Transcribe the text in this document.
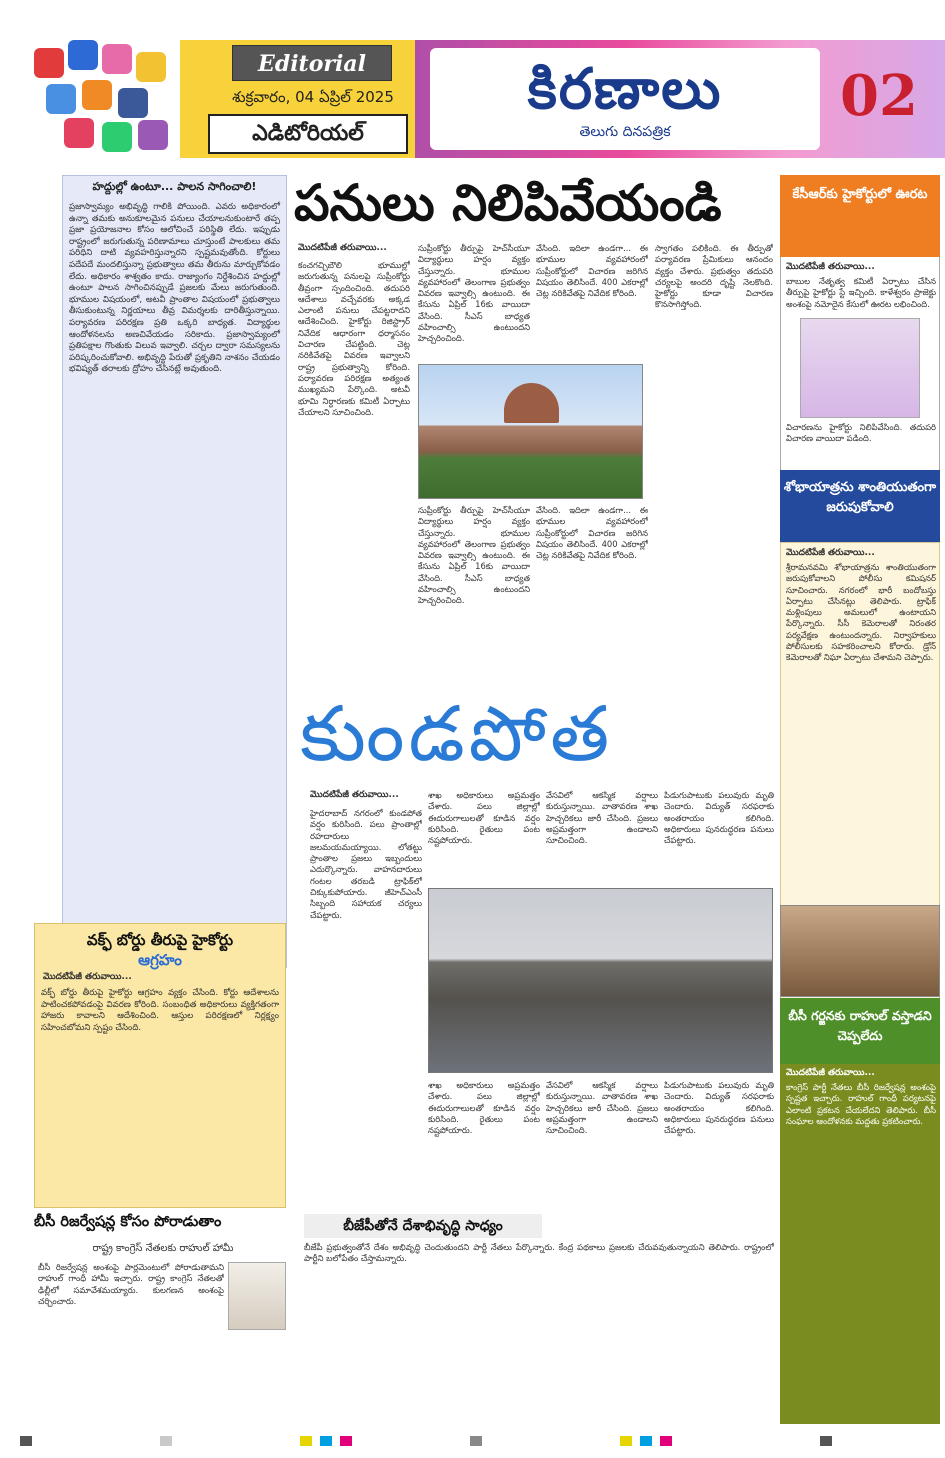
Editorial
శుక్రవారం, 04 ఏప్రిల్ 2025
ఎడిటోరియల్
కిరణాలు
తెలుగు దినపత్రిక
02
హద్దుల్లో ఉంటూ... పాలన సాగించాలి!
ప్రజాస్వామ్యం అభివృద్ధి గాలికి పోయింది. ఎవరు అధికారంలో ఉన్నా తమకు అనుకూలమైన పనులు చేయాలనుకుంటారే తప్ప ప్రజా ప్రయోజనాల కోసం ఆలోచించే పరిస్థితి లేదు. ఇప్పుడు రాష్ట్రంలో జరుగుతున్న పరిణామాలు చూస్తుంటే పాలకులు తమ పరిధిని దాటి వ్యవహరిస్తున్నారని స్పష్టమవుతోంది. కోర్టులు పదేపదే మందలిస్తున్నా ప్రభుత్వాలు తమ తీరును మార్చుకోవడం లేదు. అధికారం శాశ్వతం కాదు. రాజ్యాంగం నిర్దేశించిన హద్దుల్లో ఉంటూ పాలన సాగించినప్పుడే ప్రజలకు మేలు జరుగుతుంది. భూముల విషయంలో, అటవీ ప్రాంతాల విషయంలో ప్రభుత్వాలు తీసుకుంటున్న నిర్ణయాలు తీవ్ర విమర్శలకు దారితీస్తున్నాయి. పర్యావరణ పరిరక్షణ ప్రతి ఒక్కరి బాధ్యత. విద్యార్థుల ఆందోళనలను అణచివేయడం సరికాదు. ప్రజాస్వామ్యంలో ప్రతిపక్షాల గొంతుకు విలువ ఇవ్వాలి. చర్చల ద్వారా సమస్యలను పరిష్కరించుకోవాలి. అభివృద్ధి పేరుతో ప్రకృతిని నాశనం చేయడం భవిష్యత్ తరాలకు ద్రోహం చేసినట్లే అవుతుంది.
పనులు నిలిపివేయండి
మొదటిపేజీ తరువాయి...
కంచగచ్చిబౌలి భూముల్లో జరుగుతున్న పనులపై సుప్రీంకోర్టు తీవ్రంగా స్పందించింది. తదుపరి ఆదేశాలు వచ్చేవరకు అక్కడ ఎలాంటి పనులు చేపట్టరాదని ఆదేశించింది. హైకోర్టు రిజిస్ట్రార్ నివేదిక ఆధారంగా ధర్మాసనం విచారణ చేపట్టింది. చెట్ల నరికివేతపై వివరణ ఇవ్వాలని రాష్ట్ర ప్రభుత్వాన్ని కోరింది. పర్యావరణ పరిరక్షణ అత్యంత ముఖ్యమని పేర్కొంది. అటవీ భూమి నిర్ధారణకు కమిటీ ఏర్పాటు చేయాలని సూచించింది.
సుప్రీంకోర్టు తీర్పుపై హెచ్‌సీయూ విద్యార్థులు హర్షం వ్యక్తం చేస్తున్నారు. భూముల వ్యవహారంలో తెలంగాణ ప్రభుత్వం వివరణ ఇవ్వాల్సి ఉంటుంది. ఈ కేసును ఏప్రిల్ 16కు వాయిదా వేసింది. సీఎస్ బాధ్యత వహించాల్సి ఉంటుందని హెచ్చరించింది.
వేసింది. ఇదిలా ఉండగా... ఈ భూముల వ్యవహారంలో సుప్రీంకోర్టులో విచారణ జరిగిన విషయం తెలిసిందే. 400 ఎకరాల్లో చెట్ల నరికివేతపై నివేదిక కోరింది.
స్వాగతం పలికింది. ఈ తీర్పుతో పర్యావరణ ప్రేమికులు ఆనందం వ్యక్తం చేశారు. ప్రభుత్వం తదుపరి చర్యలపై అందరి దృష్టి నెలకొంది. హైకోర్టు కూడా విచారణ కొనసాగిస్తోంది.
సుప్రీంకోర్టు తీర్పుపై హెచ్‌సీయూ విద్యార్థులు హర్షం వ్యక్తం చేస్తున్నారు. భూముల వ్యవహారంలో తెలంగాణ ప్రభుత్వం వివరణ ఇవ్వాల్సి ఉంటుంది. ఈ కేసును ఏప్రిల్ 16కు వాయిదా వేసింది. సీఎస్ బాధ్యత వహించాల్సి ఉంటుందని హెచ్చరించింది.
వేసింది. ఇదిలా ఉండగా... ఈ భూముల వ్యవహారంలో సుప్రీంకోర్టులో విచారణ జరిగిన విషయం తెలిసిందే. 400 ఎకరాల్లో చెట్ల నరికివేతపై నివేదిక కోరింది.
కుండపోత
మొదటిపేజీ తరువాయి...
హైదరాబాద్ నగరంలో కుండపోత వర్షం కురిసింది. పలు ప్రాంతాల్లో రహదారులు జలమయమయ్యాయి. లోతట్టు ప్రాంతాల ప్రజలు ఇబ్బందులు ఎదుర్కొన్నారు. వాహనదారులు గంటల తరబడి ట్రాఫిక్‌లో చిక్కుకుపోయారు. జీహెచ్‌ఎంసీ సిబ్బంది సహాయక చర్యలు చేపట్టారు.
శాఖ అధికారులు అప్రమత్తం చేశారు. పలు జిల్లాల్లో ఈదురుగాలులతో కూడిన వర్షం కురిసింది. రైతులు పంట నష్టపోయారు.
వేసవిలో ఆకస్మిక వర్షాలు కురుస్తున్నాయి. వాతావరణ శాఖ హెచ్చరికలు జారీ చేసింది. ప్రజలు అప్రమత్తంగా ఉండాలని సూచించింది.
పిడుగుపాటుకు పలువురు మృతి చెందారు. విద్యుత్ సరఫరాకు అంతరాయం కలిగింది. అధికారులు పునరుద్ధరణ పనులు చేపట్టారు.
శాఖ అధికారులు అప్రమత్తం చేశారు. పలు జిల్లాల్లో ఈదురుగాలులతో కూడిన వర్షం కురిసింది. రైతులు పంట నష్టపోయారు.
వేసవిలో ఆకస్మిక వర్షాలు కురుస్తున్నాయి. వాతావరణ శాఖ హెచ్చరికలు జారీ చేసింది. ప్రజలు అప్రమత్తంగా ఉండాలని సూచించింది.
పిడుగుపాటుకు పలువురు మృతి చెందారు. విద్యుత్ సరఫరాకు అంతరాయం కలిగింది. అధికారులు పునరుద్ధరణ పనులు చేపట్టారు.
కేసీఆర్‌కు హైకోర్టులో ఊరట
మొదటిపేజీ తరువాయి...
బాబుల నేతృత్వ కమిటీ ఏర్పాటు చేసిన తీర్పుపై హైకోర్టు స్టే ఇచ్చింది. కాళేశ్వరం ప్రాజెక్టు అంశంపై నమోదైన కేసులో ఊరట లభించింది.
విచారణను హైకోర్టు నిలిపివేసింది. తదుపరి విచారణ వాయిదా పడింది.
శోభాయాత్రను శాంతియుతంగా జరుపుకోవాలి
మొదటిపేజీ తరువాయి...
శ్రీరామనవమి శోభాయాత్రను శాంతియుతంగా జరుపుకోవాలని పోలీసు కమిషనర్ సూచించారు. నగరంలో భారీ బందోబస్తు ఏర్పాటు చేసినట్లు తెలిపారు. ట్రాఫిక్ మళ్లింపులు అమలులో ఉంటాయని పేర్కొన్నారు. సీసీ కెమెరాలతో నిరంతర పర్యవేక్షణ ఉంటుందన్నారు. నిర్వాహకులు పోలీసులకు సహకరించాలని కోరారు. డ్రోన్ కెమెరాలతో నిఘా ఏర్పాటు చేశామని చెప్పారు.
బీసీ గర్జనకు రాహుల్ వస్తాడని చెప్పలేదు
మొదటిపేజీ తరువాయి...
కాంగ్రెస్ పార్టీ నేతలు బీసీ రిజర్వేషన్ల అంశంపై స్పష్టత ఇచ్చారు. రాహుల్ గాంధీ పర్యటనపై ఎలాంటి ప్రకటన చేయలేదని తెలిపారు. బీసీ సంఘాల ఆందోళనకు మద్దతు ప్రకటించారు.
వక్ఫ్ బోర్డు తీరుపై హైకోర్టు
ఆగ్రహం
మొదటిపేజీ తరువాయి...
వక్ఫ్ బోర్డు తీరుపై హైకోర్టు ఆగ్రహం వ్యక్తం చేసింది. కోర్టు ఆదేశాలను పాటించకపోవడంపై వివరణ కోరింది. సంబంధిత అధికారులు వ్యక్తిగతంగా హాజరు కావాలని ఆదేశించింది. ఆస్తుల పరిరక్షణలో నిర్లక్ష్యం సహించబోమని స్పష్టం చేసింది.
బీసీ రిజర్వేషన్ల కోసం పోరాడుతాం
రాష్ట్ర కాంగ్రెస్ నేతలకు రాహుల్ హామీ
బీసీ రిజర్వేషన్ల అంశంపై పార్లమెంటులో పోరాడుతామని రాహుల్ గాంధీ హామీ ఇచ్చారు. రాష్ట్ర కాంగ్రెస్ నేతలతో ఢిల్లీలో సమావేశమయ్యారు. కులగణన అంశంపై చర్చించారు.
బీజేపీతోనే దేశాభివృద్ధి సాధ్యం
బీజేపీ ప్రభుత్వంతోనే దేశం అభివృద్ధి చెందుతుందని పార్టీ నేతలు పేర్కొన్నారు. కేంద్ర పథకాలు ప్రజలకు చేరువవుతున్నాయని తెలిపారు. రాష్ట్రంలో పార్టీని బలోపేతం చేస్తామన్నారు.
